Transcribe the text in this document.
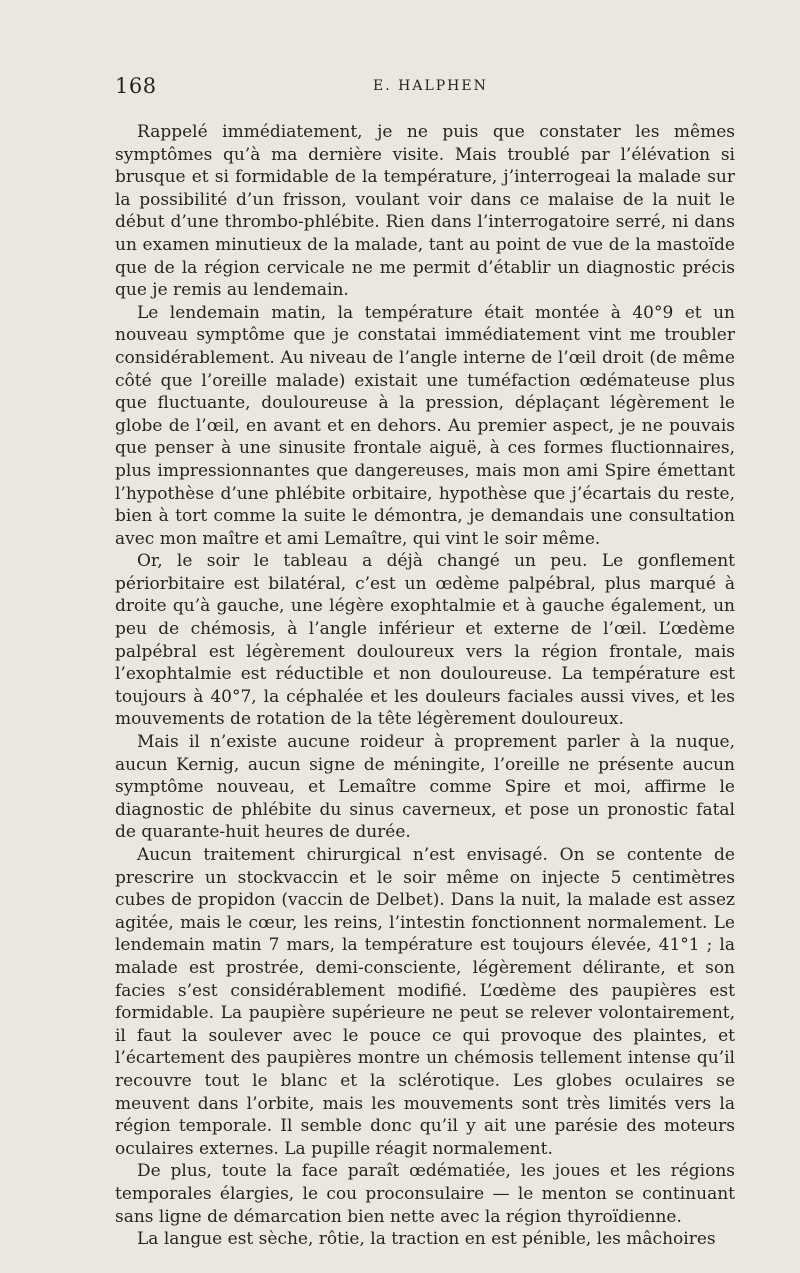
168	E. HALPHEN

Rappelé immédiatement, je ne puis que constater les mêmes symptômes qu’à ma dernière visite. Mais troublé par l’élévation si brusque et si formidable de la température, j’interrogeai la malade sur la possibilité d’un frisson, voulant voir dans ce malaise de la nuit le début d’une thrombo-phlébite. Rien dans l’interrogatoire serré, ni dans un examen minutieux de la malade, tant au point de vue de la mastoïde que de la région cervicale ne me permit d’établir un diagnostic précis que je remis au lendemain.

Le lendemain matin, la température était montée à 40°9 et un nouveau symptôme que je constatai immédiatement vint me troubler considérablement. Au niveau de l’angle interne de l’œil droit (de même côté que l’oreille malade) existait une tuméfaction œdémateuse plus que fluctuante, douloureuse à la pression, déplaçant légèrement le globe de l’œil, en avant et en dehors. Au premier aspect, je ne pouvais que penser à une sinusite frontale aiguë, à ces formes fluctionnaires, plus impressionnantes que dangereuses, mais mon ami Spire émettant l’hypothèse d’une phlébite orbitaire, hypothèse que j’écartais du reste, bien à tort comme la suite le démontra, je demandais une consultation avec mon maître et ami Lemaître, qui vint le soir même.

Or, le soir le tableau a déjà changé un peu. Le gonflement périorbitaire est bilatéral, c’est un œdème palpébral, plus marqué à droite qu’à gauche, une légère exophtalmie et à gauche également, un peu de chémosis, à l’angle inférieur et externe de l’œil. L’œdème palpébral est légèrement douloureux vers la région frontale, mais l’exophtalmie est réductible et non douloureuse. La température est toujours à 40°7, la céphalée et les douleurs faciales aussi vives, et les mouvements de rotation de la tête légèrement douloureux.

Mais il n’existe aucune roideur à proprement parler à la nuque, aucun Kernig, aucun signe de méningite, l’oreille ne présente aucun symptôme nouveau, et Lemaître comme Spire et moi, affirme le diagnostic de phlébite du sinus caverneux, et pose un pronostic fatal de quarante-huit heures de durée.

Aucun traitement chirurgical n’est envisagé. On se contente de prescrire un stockvaccin et le soir même on injecte 5 centimètres cubes de propidon (vaccin de Delbet). Dans la nuit, la malade est assez agitée, mais le cœur, les reins, l’intestin fonctionnent normalement. Le lendemain matin 7 mars, la température est toujours élevée, 41°1 ; la malade est prostrée, demi-consciente, légèrement délirante, et son facies s’est considérablement modifié. L’œdème des paupières est formidable. La paupière supérieure ne peut se relever volontairement, il faut la soulever avec le pouce ce qui provoque des plaintes, et l’écartement des paupières montre un chémosis tellement intense qu’il recouvre tout le blanc et la sclérotique. Les globes oculaires se meuvent dans l’orbite, mais les mouvements sont très limités vers la région temporale. Il semble donc qu’il y ait une parésie des moteurs oculaires externes. La pupille réagit normalement.

De plus, toute la face paraît œdématiée, les joues et les régions temporales élargies, le cou proconsulaire — le menton se continuant sans ligne de démarcation bien nette avec la région thyroïdienne.

La langue est sèche, rôtie, la traction en est pénible, les mâchoires
